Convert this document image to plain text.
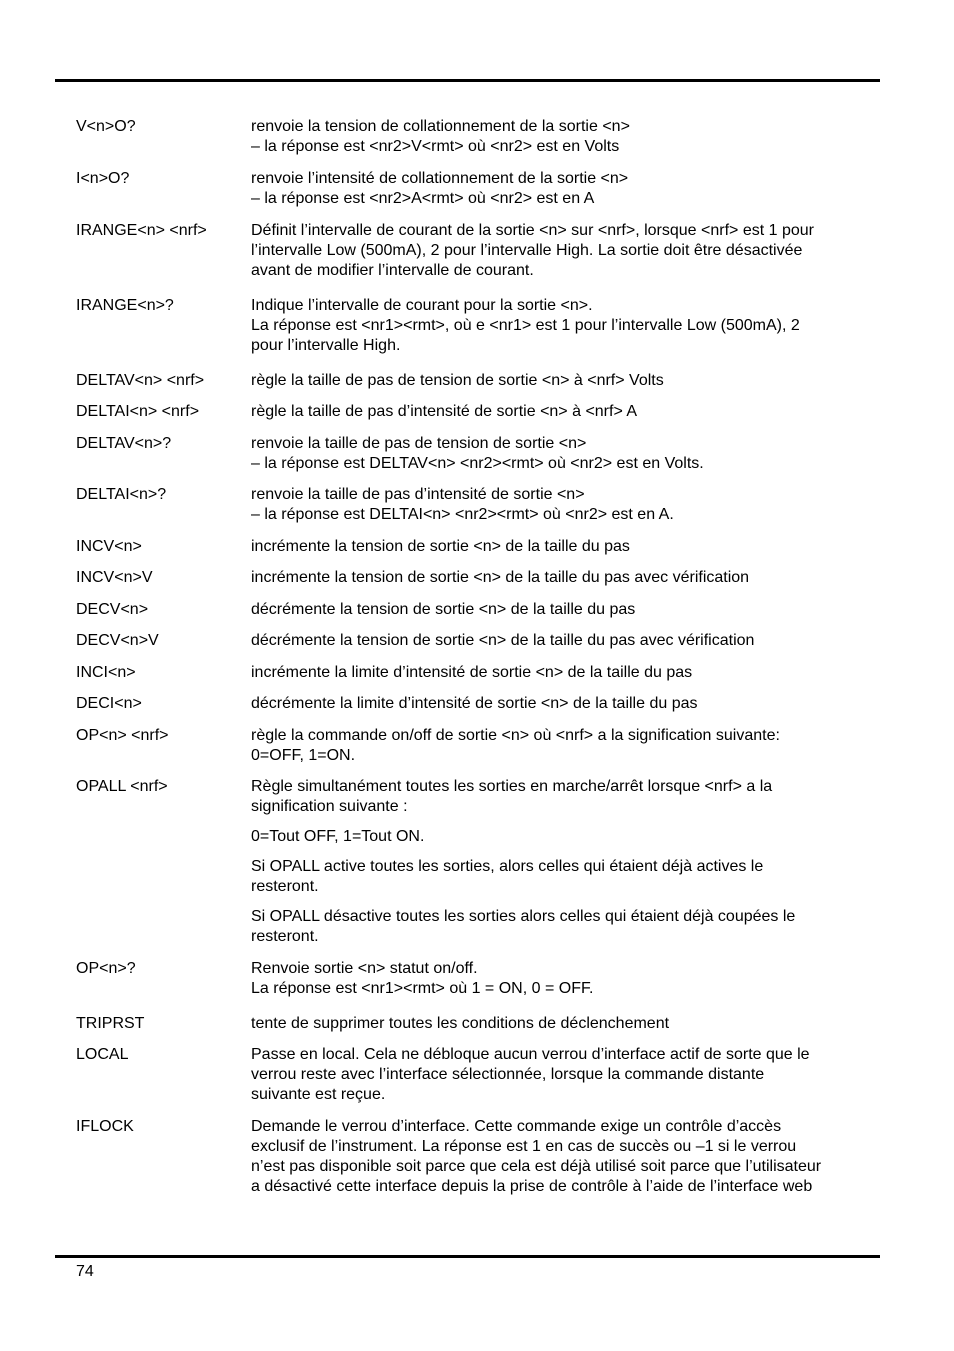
V<n>O?	renvoie la tension de collationnement de la sortie <n>
– la réponse est <nr2>V<rmt> où <nr2> est en Volts
I<n>O?	renvoie l’intensité de collationnement de la sortie <n>
– la réponse est <nr2>A<rmt> où <nr2> est en A
IRANGE<n> <nrf>	Définit l’intervalle de courant de la sortie <n> sur <nrf>, lorsque <nrf> est 1 pour
l’intervalle Low (500mA), 2 pour l’intervalle High. La sortie doit être désactivée
avant de modifier l’intervalle de courant.
IRANGE<n>?	Indique l’intervalle de courant pour la sortie <n>.
La réponse est <nr1><rmt>, où e <nr1> est 1 pour l’intervalle Low (500mA), 2
pour l’intervalle High.
DELTAV<n> <nrf>	règle la taille de pas de tension de sortie <n> à <nrf> Volts
DELTAI<n> <nrf>	règle la taille de pas d’intensité de sortie <n> à <nrf> A
DELTAV<n>?	renvoie la taille de pas de tension de sortie <n>
– la réponse est DELTAV<n> <nr2><rmt> où <nr2> est en Volts.
DELTAI<n>?	renvoie la taille de pas d’intensité de sortie <n>
– la réponse est DELTAI<n> <nr2><rmt> où <nr2> est en A.
INCV<n>	incrémente la tension de sortie <n> de la taille du pas
INCV<n>V	incrémente la tension de sortie <n> de la taille du pas avec vérification
DECV<n>	décrémente la tension de sortie <n> de la taille du pas
DECV<n>V	décrémente la tension de sortie <n> de la taille du pas avec vérification
INCI<n>	incrémente la limite d’intensité de sortie <n> de la taille du pas
DECI<n>	décrémente la limite d’intensité de sortie <n> de la taille du pas
OP<n> <nrf>	règle la commande on/off de sortie <n> où <nrf> a la signification suivante:
0=OFF, 1=ON.
OPALL <nrf>	Règle simultanément toutes les sorties en marche/arrêt lorsque <nrf> a la
signification suivante :
0=Tout OFF, 1=Tout ON.
Si OPALL active toutes les sorties, alors celles qui étaient déjà actives le
resteront.
Si OPALL désactive toutes les sorties alors celles qui étaient déjà coupées le
resteront.
OP<n>?	Renvoie sortie <n> statut on/off.
La réponse est <nr1><rmt> où 1 = ON, 0 = OFF.
TRIPRST	tente de supprimer toutes les conditions de déclenchement
LOCAL	Passe en local. Cela ne débloque aucun verrou d’interface actif de sorte que le
verrou reste avec l’interface sélectionnée, lorsque la commande distante
suivante est reçue.
IFLOCK	Demande le verrou d’interface. Cette commande exige un contrôle d’accès
exclusif de l’instrument. La réponse est 1 en cas de succès ou –1 si le verrou
n’est pas disponible soit parce que cela est déjà utilisé soit parce que l’utilisateur
a désactivé cette interface depuis la prise de contrôle à l’aide de l’interface web
74
